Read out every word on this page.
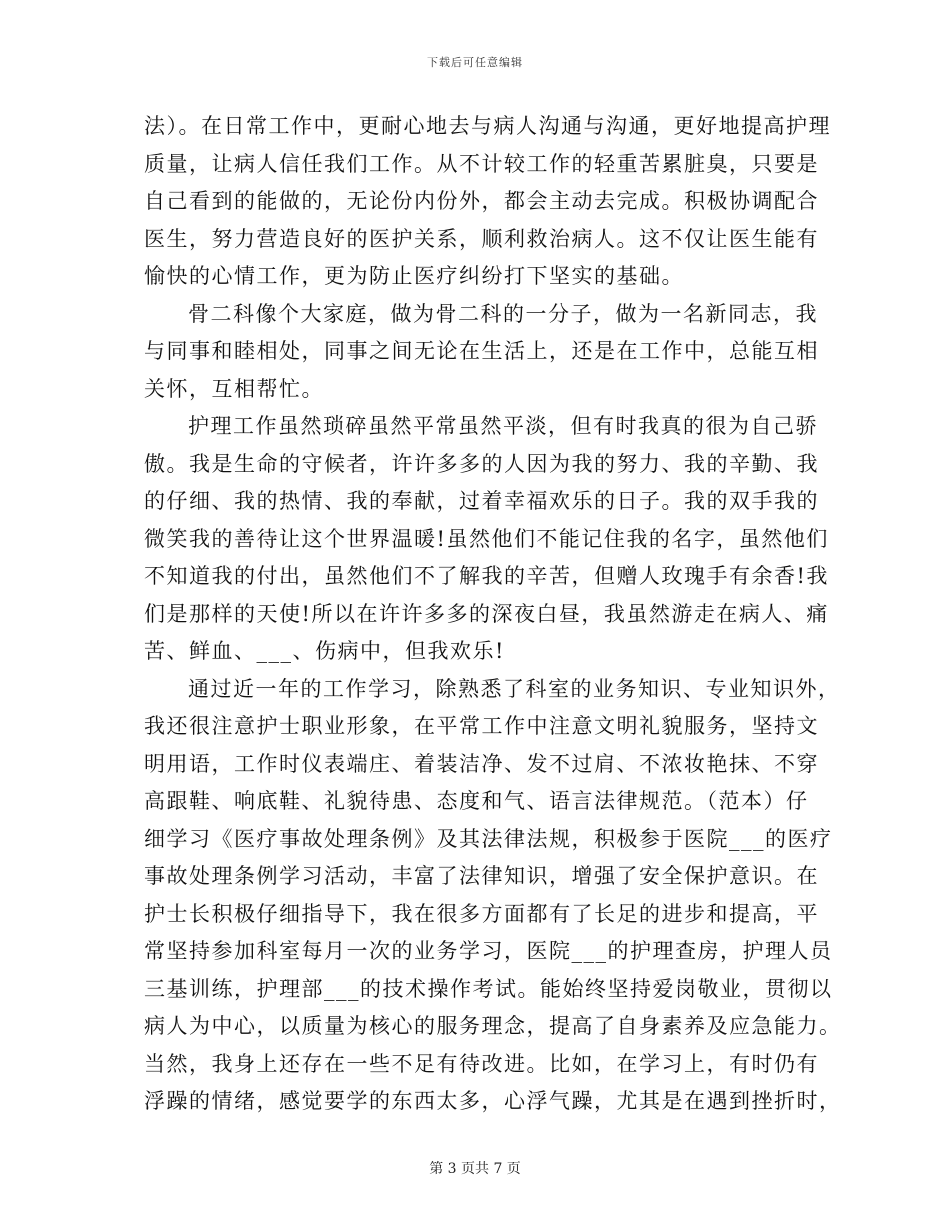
下载后可任意编辑
法）。在日常工作中，更耐心地去与病人沟通与沟通，更好地提高护理
质量，让病人信任我们工作。从不计较工作的轻重苦累脏臭，只要是
自己看到的能做的，无论份内份外，都会主动去完成。积极协调配合
医生，努力营造良好的医护关系，顺利救治病人。这不仅让医生能有
愉快的心情工作，更为防止医疗纠纷打下坚实的基础。
骨二科像个大家庭，做为骨二科的一分子，做为一名新同志，我
与同事和睦相处，同事之间无论在生活上，还是在工作中，总能互相
关怀，互相帮忙。
护理工作虽然琐碎虽然平常虽然平淡，但有时我真的很为自己骄
傲。我是生命的守候者，许许多多的人因为我的努力、我的辛勤、我
的仔细、我的热情、我的奉献，过着幸福欢乐的日子。我的双手我的
微笑我的善待让这个世界温暖!虽然他们不能记住我的名字，虽然他们
不知道我的付出，虽然他们不了解我的辛苦，但赠人玫瑰手有余香!我
们是那样的天使!所以在许许多多的深夜白昼，我虽然游走在病人、痛
苦、鲜血、___、伤病中，但我欢乐!
通过近一年的工作学习，除熟悉了科室的业务知识、专业知识外，
我还很注意护士职业形象，在平常工作中注意文明礼貌服务，坚持文
明用语，工作时仪表端庄、着装洁净、发不过肩、不浓妆艳抹、不穿
高跟鞋、响底鞋、礼貌待患、态度和气、语言法律规范。（范本）仔
细学习《医疗事故处理条例》及其法律法规，积极参于医院___的医疗
事故处理条例学习活动，丰富了法律知识，增强了安全保护意识。在
护士长积极仔细指导下，我在很多方面都有了长足的进步和提高，平
常坚持参加科室每月一次的业务学习，医院___的护理查房，护理人员
三基训练，护理部___的技术操作考试。能始终坚持爱岗敬业，贯彻以
病人为中心，以质量为核心的服务理念，提高了自身素养及应急能力。
当然，我身上还存在一些不足有待改进。比如，在学习上，有时仍有
浮躁的情绪，感觉要学的东西太多，心浮气躁，尤其是在遇到挫折时，
第 3 页共 7 页
